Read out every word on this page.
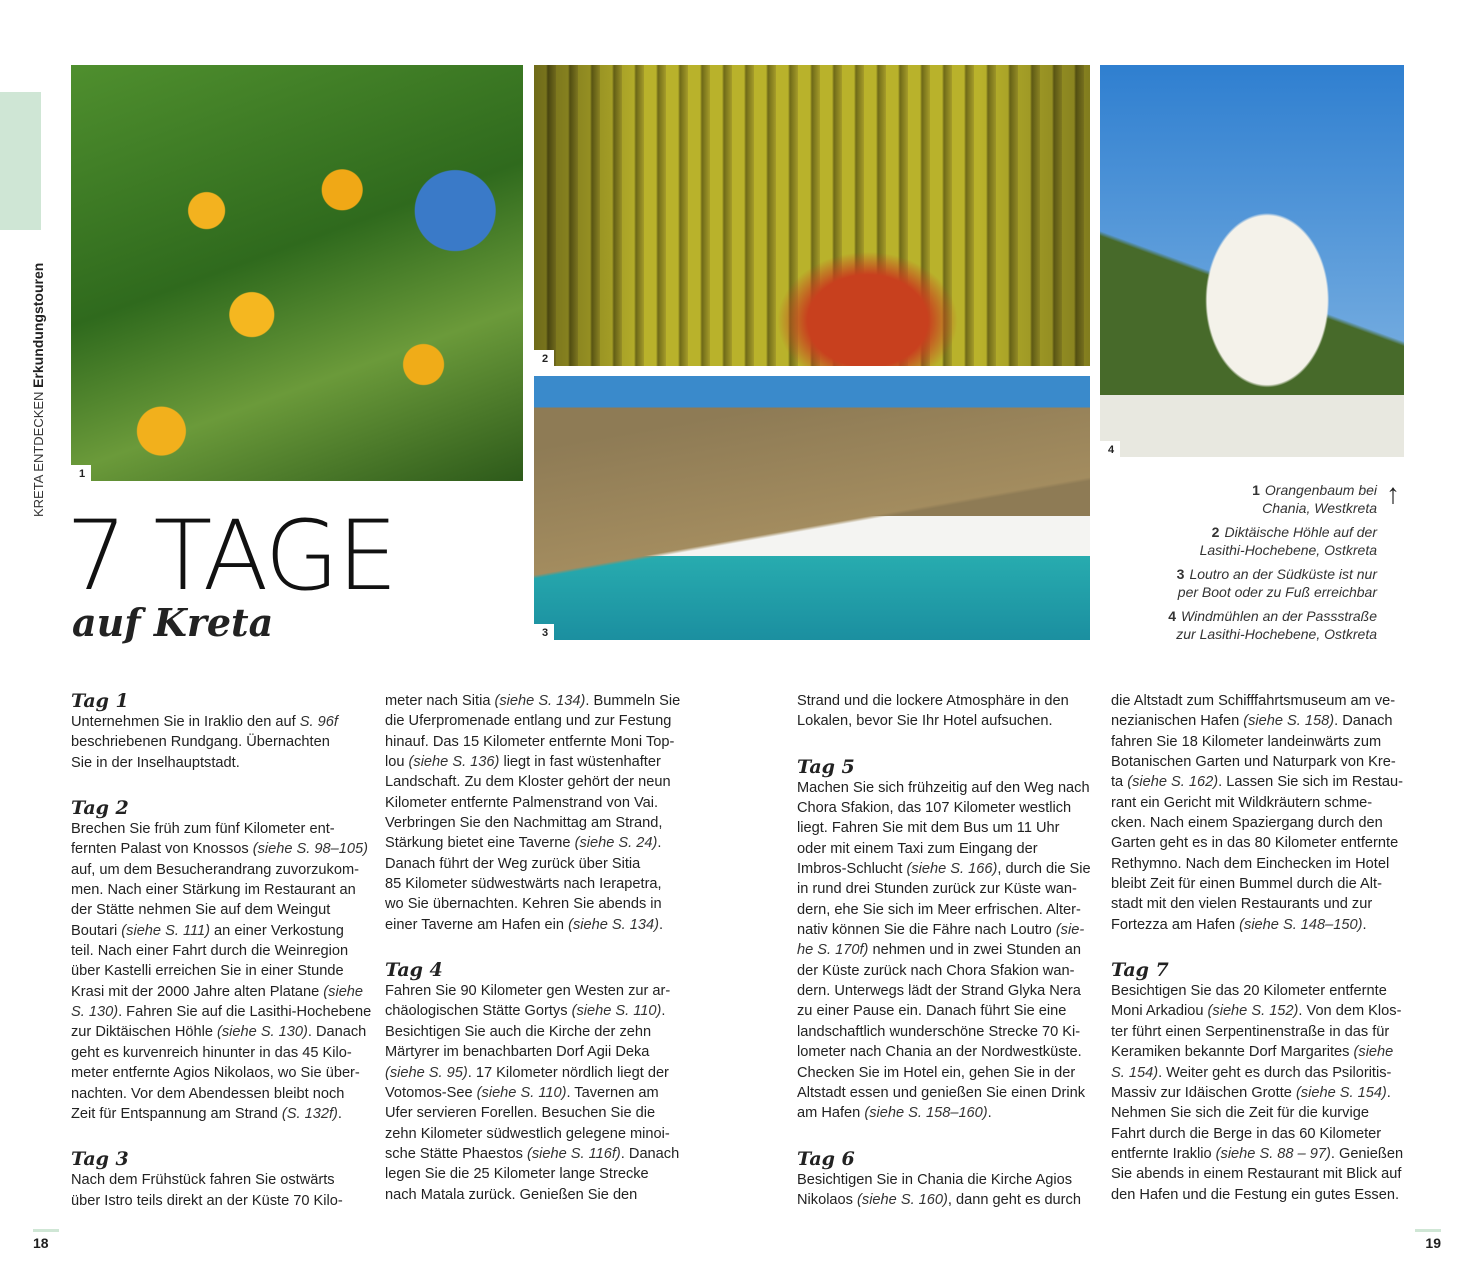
KRETA ENTDECKEN Erkundungstouren
1
2
3
4
7 TAGE
auf Kreta
1 Orangenbaum bei
Chania, Westkreta
2 Diktäische Höhle auf der
Lasithi-Hochebene, Ostkreta
3 Loutro an der Südküste ist nur
per Boot oder zu Fuß erreichbar
4 Windmühlen an der Passstraße
zur Lasithi-Hochebene, Ostkreta
↑
Tag 1
Unternehmen Sie in Iraklio den auf S. 96f
beschriebenen Rundgang. Übernachten
Sie in der Inselhauptstadt.
Tag 2
Brechen Sie früh zum fünf Kilometer ent-
fernten Palast von Knossos (siehe S. 98–105)
auf, um dem Besucherandrang zuvorzukom-
men. Nach einer Stärkung im Restaurant an
der Stätte nehmen Sie auf dem Weingut
Boutari (siehe S. 111) an einer Verkostung
teil. Nach einer Fahrt durch die Weinregion
über Kastelli erreichen Sie in einer Stunde
Krasi mit der 2000 Jahre alten Platane (siehe
S. 130). Fahren Sie auf die Lasithi-Hochebene
zur Diktäischen Höhle (siehe S. 130). Danach
geht es kurvenreich hinunter in das 45 Kilo-
meter entfernte Agios Nikolaos, wo Sie über-
nachten. Vor dem Abendessen bleibt noch
Zeit für Entspannung am Strand (S. 132f).
Tag 3
Nach dem Frühstück fahren Sie ostwärts
über Istro teils direkt an der Küste 70 Kilo-
meter nach Sitia (siehe S. 134). Bummeln Sie
die Uferpromenade entlang und zur Festung
hinauf. Das 15 Kilometer entfernte Moni Top-
lou (siehe S. 136) liegt in fast wüstenhafter
Landschaft. Zu dem Kloster gehört der neun
Kilometer entfernte Palmenstrand von Vai.
Verbringen Sie den Nachmittag am Strand,
Stärkung bietet eine Taverne (siehe S. 24).
Danach führt der Weg zurück über Sitia
85 Kilometer südwestwärts nach Ierapetra,
wo Sie übernachten. Kehren Sie abends in
einer Taverne am Hafen ein (siehe S. 134).
Tag 4
Fahren Sie 90 Kilometer gen Westen zur ar-
chäologischen Stätte Gortys (siehe S. 110).
Besichtigen Sie auch die Kirche der zehn
Märtyrer im benachbarten Dorf Agii Deka
(siehe S. 95). 17 Kilometer nördlich liegt der
Votomos-See (siehe S. 110). Tavernen am
Ufer servieren Forellen. Besuchen Sie die
zehn Kilometer südwestlich gelegene minoi-
sche Stätte Phaestos (siehe S. 116f). Danach
legen Sie die 25 Kilometer lange Strecke
nach Matala zurück. Genießen Sie den
Strand und die lockere Atmosphäre in den
Lokalen, bevor Sie Ihr Hotel aufsuchen.
Tag 5
Machen Sie sich frühzeitig auf den Weg nach
Chora Sfakion, das 107 Kilometer westlich
liegt. Fahren Sie mit dem Bus um 11 Uhr
oder mit einem Taxi zum Eingang der
Imbros-Schlucht (siehe S. 166), durch die Sie
in rund drei Stunden zurück zur Küste wan-
dern, ehe Sie sich im Meer erfrischen. Alter-
nativ können Sie die Fähre nach Loutro (sie-
he S. 170f) nehmen und in zwei Stunden an
der Küste zurück nach Chora Sfakion wan-
dern. Unterwegs lädt der Strand Glyka Nera
zu einer Pause ein. Danach führt Sie eine
landschaftlich wunderschöne Strecke 70 Ki-
lometer nach Chania an der Nordwestküste.
Checken Sie im Hotel ein, gehen Sie in der
Altstadt essen und genießen Sie einen Drink
am Hafen (siehe S. 158–160).
Tag 6
Besichtigen Sie in Chania die Kirche Agios
Nikolaos (siehe S. 160), dann geht es durch
die Altstadt zum Schifffahrtsmuseum am ve-
nezianischen Hafen (siehe S. 158). Danach
fahren Sie 18 Kilometer landeinwärts zum
Botanischen Garten und Naturpark von Kre-
ta (siehe S. 162). Lassen Sie sich im Restau-
rant ein Gericht mit Wildkräutern schme-
cken. Nach einem Spaziergang durch den
Garten geht es in das 80 Kilometer entfernte
Rethymno. Nach dem Einchecken im Hotel
bleibt Zeit für einen Bummel durch die Alt-
stadt mit den vielen Restaurants und zur
Fortezza am Hafen (siehe S. 148–150).
Tag 7
Besichtigen Sie das 20 Kilometer entfernte
Moni Arkadiou (siehe S. 152). Von dem Klos-
ter führt einen Serpentinenstraße in das für
Keramiken bekannte Dorf Margarites (siehe
S. 154). Weiter geht es durch das Psiloritis-
Massiv zur Idäischen Grotte (siehe S. 154).
Nehmen Sie sich die Zeit für die kurvige
Fahrt durch die Berge in das 60 Kilometer
entfernte Iraklio (siehe S. 88 – 97). Genießen
Sie abends in einem Restaurant mit Blick auf
den Hafen und die Festung ein gutes Essen.
18	19
